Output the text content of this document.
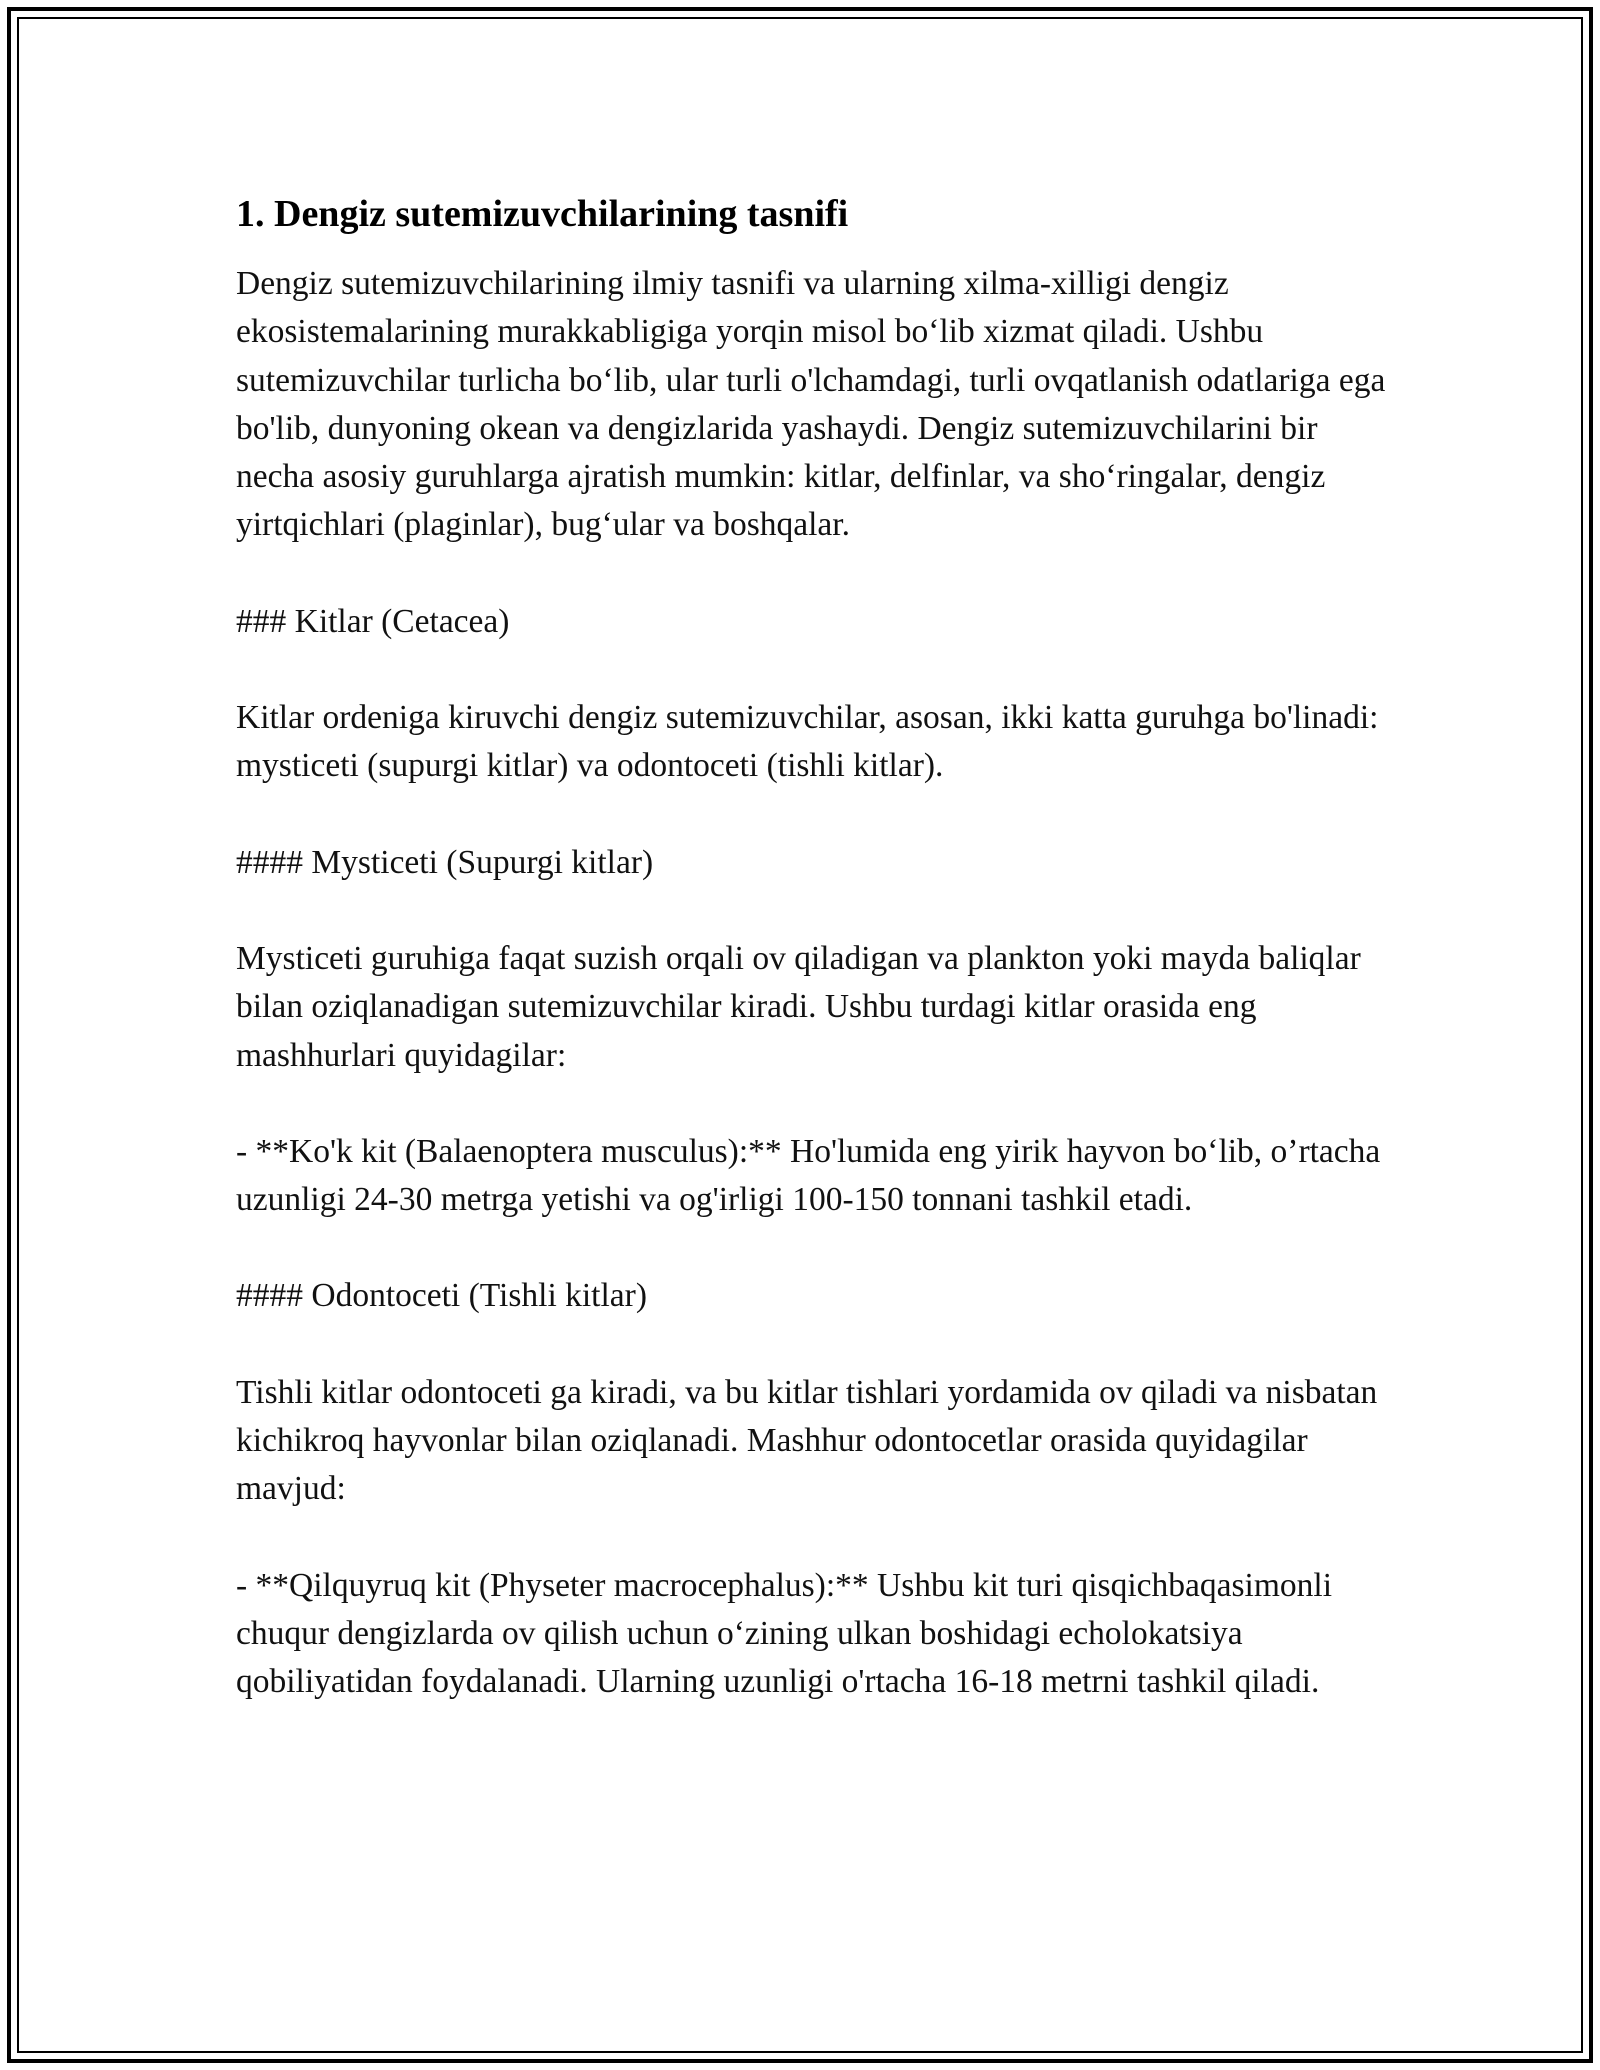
1. Dengiz sutemizuvchilarining tasnifi

Dengiz sutemizuvchilarining ilmiy tasnifi va ularning xilma-xilligi dengiz ekosistemalarining murakkabligiga yorqin misol bo‘lib xizmat qiladi. Ushbu sutemizuvchilar turlicha bo‘lib, ular turli o'lchamdagi, turli ovqatlanish odatlariga ega bo'lib, dunyoning okean va dengizlarida yashaydi. Dengiz sutemizuvchilarini bir necha asosiy guruhlarga ajratish mumkin: kitlar, delfinlar, va sho‘ringalar, dengiz yirtqichlari (plaginlar), bug‘ular va boshqalar.

### Kitlar (Cetacea)

Kitlar ordeniga kiruvchi dengiz sutemizuvchilar, asosan, ikki katta guruhga bo'linadi: mysticeti (supurgi kitlar) va odontoceti (tishli kitlar).

#### Mysticeti (Supurgi kitlar)

Mysticeti guruhiga faqat suzish orqali ov qiladigan va plankton yoki mayda baliqlar bilan oziqlanadigan sutemizuvchilar kiradi. Ushbu turdagi kitlar orasida eng mashhurlari quyidagilar:

- **Ko'k kit (Balaenoptera musculus):** Ho'lumida eng yirik hayvon bo‘lib, o’rtacha uzunligi 24-30 metrga yetishi va og'irligi 100-150 tonnani tashkil etadi.

#### Odontoceti (Tishli kitlar)

Tishli kitlar odontoceti ga kiradi, va bu kitlar tishlari yordamida ov qiladi va nisbatan kichikroq hayvonlar bilan oziqlanadi. Mashhur odontocetlar orasida quyidagilar mavjud:

- **Qilquyruq kit (Physeter macrocephalus):** Ushbu kit turi qisqichbaqasimonli chuqur dengizlarda ov qilish uchun o‘zining ulkan boshidagi echolokatsiya qobiliyatidan foydalanadi. Ularning uzunligi o'rtacha 16-18 metrni tashkil qiladi.
